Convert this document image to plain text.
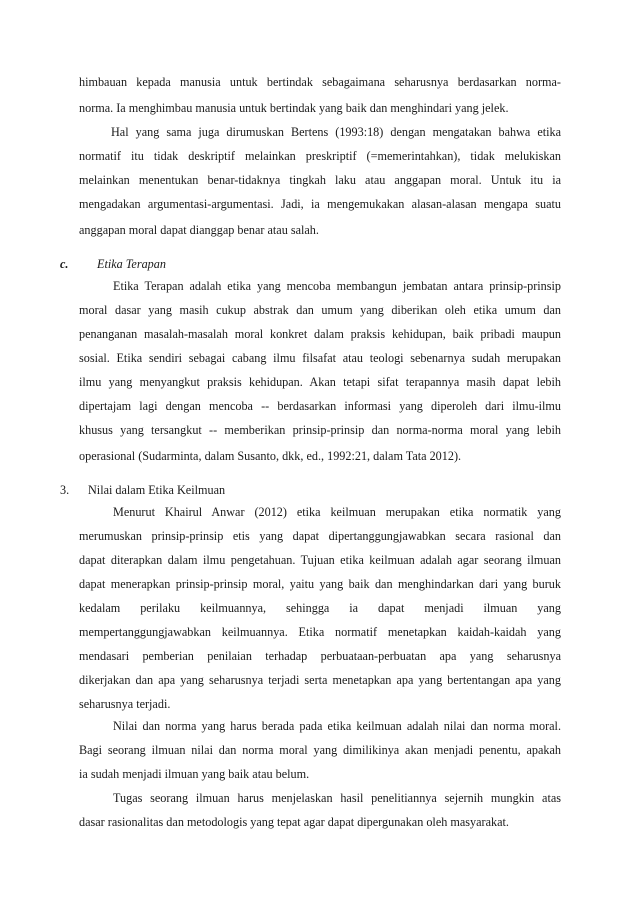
himbauan kepada manusia untuk bertindak sebagaimana seharusnya berdasarkan norma-
norma. Ia menghimbau manusia untuk bertindak yang baik dan menghindari yang jelek.
Hal yang sama juga dirumuskan Bertens (1993:18) dengan mengatakan bahwa etika
normatif itu tidak deskriptif melainkan preskriptif (=memerintahkan), tidak melukiskan
melainkan menentukan benar-tidaknya tingkah laku atau anggapan moral. Untuk itu ia
mengadakan argumentasi-argumentasi. Jadi, ia mengemukakan alasan-alasan mengapa suatu
anggapan moral dapat dianggap benar atau salah.
c. Etika Terapan
Etika Terapan adalah etika yang mencoba membangun jembatan antara prinsip-prinsip
moral dasar yang masih cukup abstrak dan umum yang diberikan oleh etika umum dan
penanganan masalah-masalah moral konkret dalam praksis kehidupan, baik pribadi maupun
sosial. Etika sendiri sebagai cabang ilmu filsafat atau teologi sebenarnya sudah merupakan
ilmu yang menyangkut praksis kehidupan. Akan tetapi sifat terapannya masih dapat lebih
dipertajam lagi dengan mencoba -- berdasarkan informasi yang diperoleh dari ilmu-ilmu
khusus yang tersangkut -- memberikan prinsip-prinsip dan norma-norma moral yang lebih
operasional (Sudarminta, dalam Susanto, dkk, ed., 1992:21, dalam Tata 2012).
3. Nilai dalam Etika Keilmuan
Menurut Khairul Anwar (2012) etika keilmuan merupakan etika normatik yang
merumuskan prinsip-prinsip etis yang dapat dipertanggungjawabkan secara rasional dan
dapat diterapkan dalam ilmu pengetahuan. Tujuan etika keilmuan adalah agar seorang ilmuan
dapat menerapkan prinsip-prinsip moral, yaitu yang baik dan menghindarkan dari yang buruk
kedalam perilaku keilmuannya, sehingga ia dapat menjadi ilmuan yang
mempertanggungjawabkan keilmuannya. Etika normatif menetapkan kaidah-kaidah yang
mendasari pemberian penilaian terhadap perbuataan-perbuatan apa yang seharusnya
dikerjakan dan apa yang seharusnya terjadi serta menetapkan apa yang bertentangan apa yang
seharusnya terjadi.
Nilai dan norma yang harus berada pada etika keilmuan adalah nilai dan norma moral.
Bagi seorang ilmuan nilai dan norma moral yang dimilikinya akan menjadi penentu, apakah
ia sudah menjadi ilmuan yang baik atau belum.
Tugas seorang ilmuan harus menjelaskan hasil penelitiannya sejernih mungkin atas
dasar rasionalitas dan metodologis yang tepat agar dapat dipergunakan oleh masyarakat.
